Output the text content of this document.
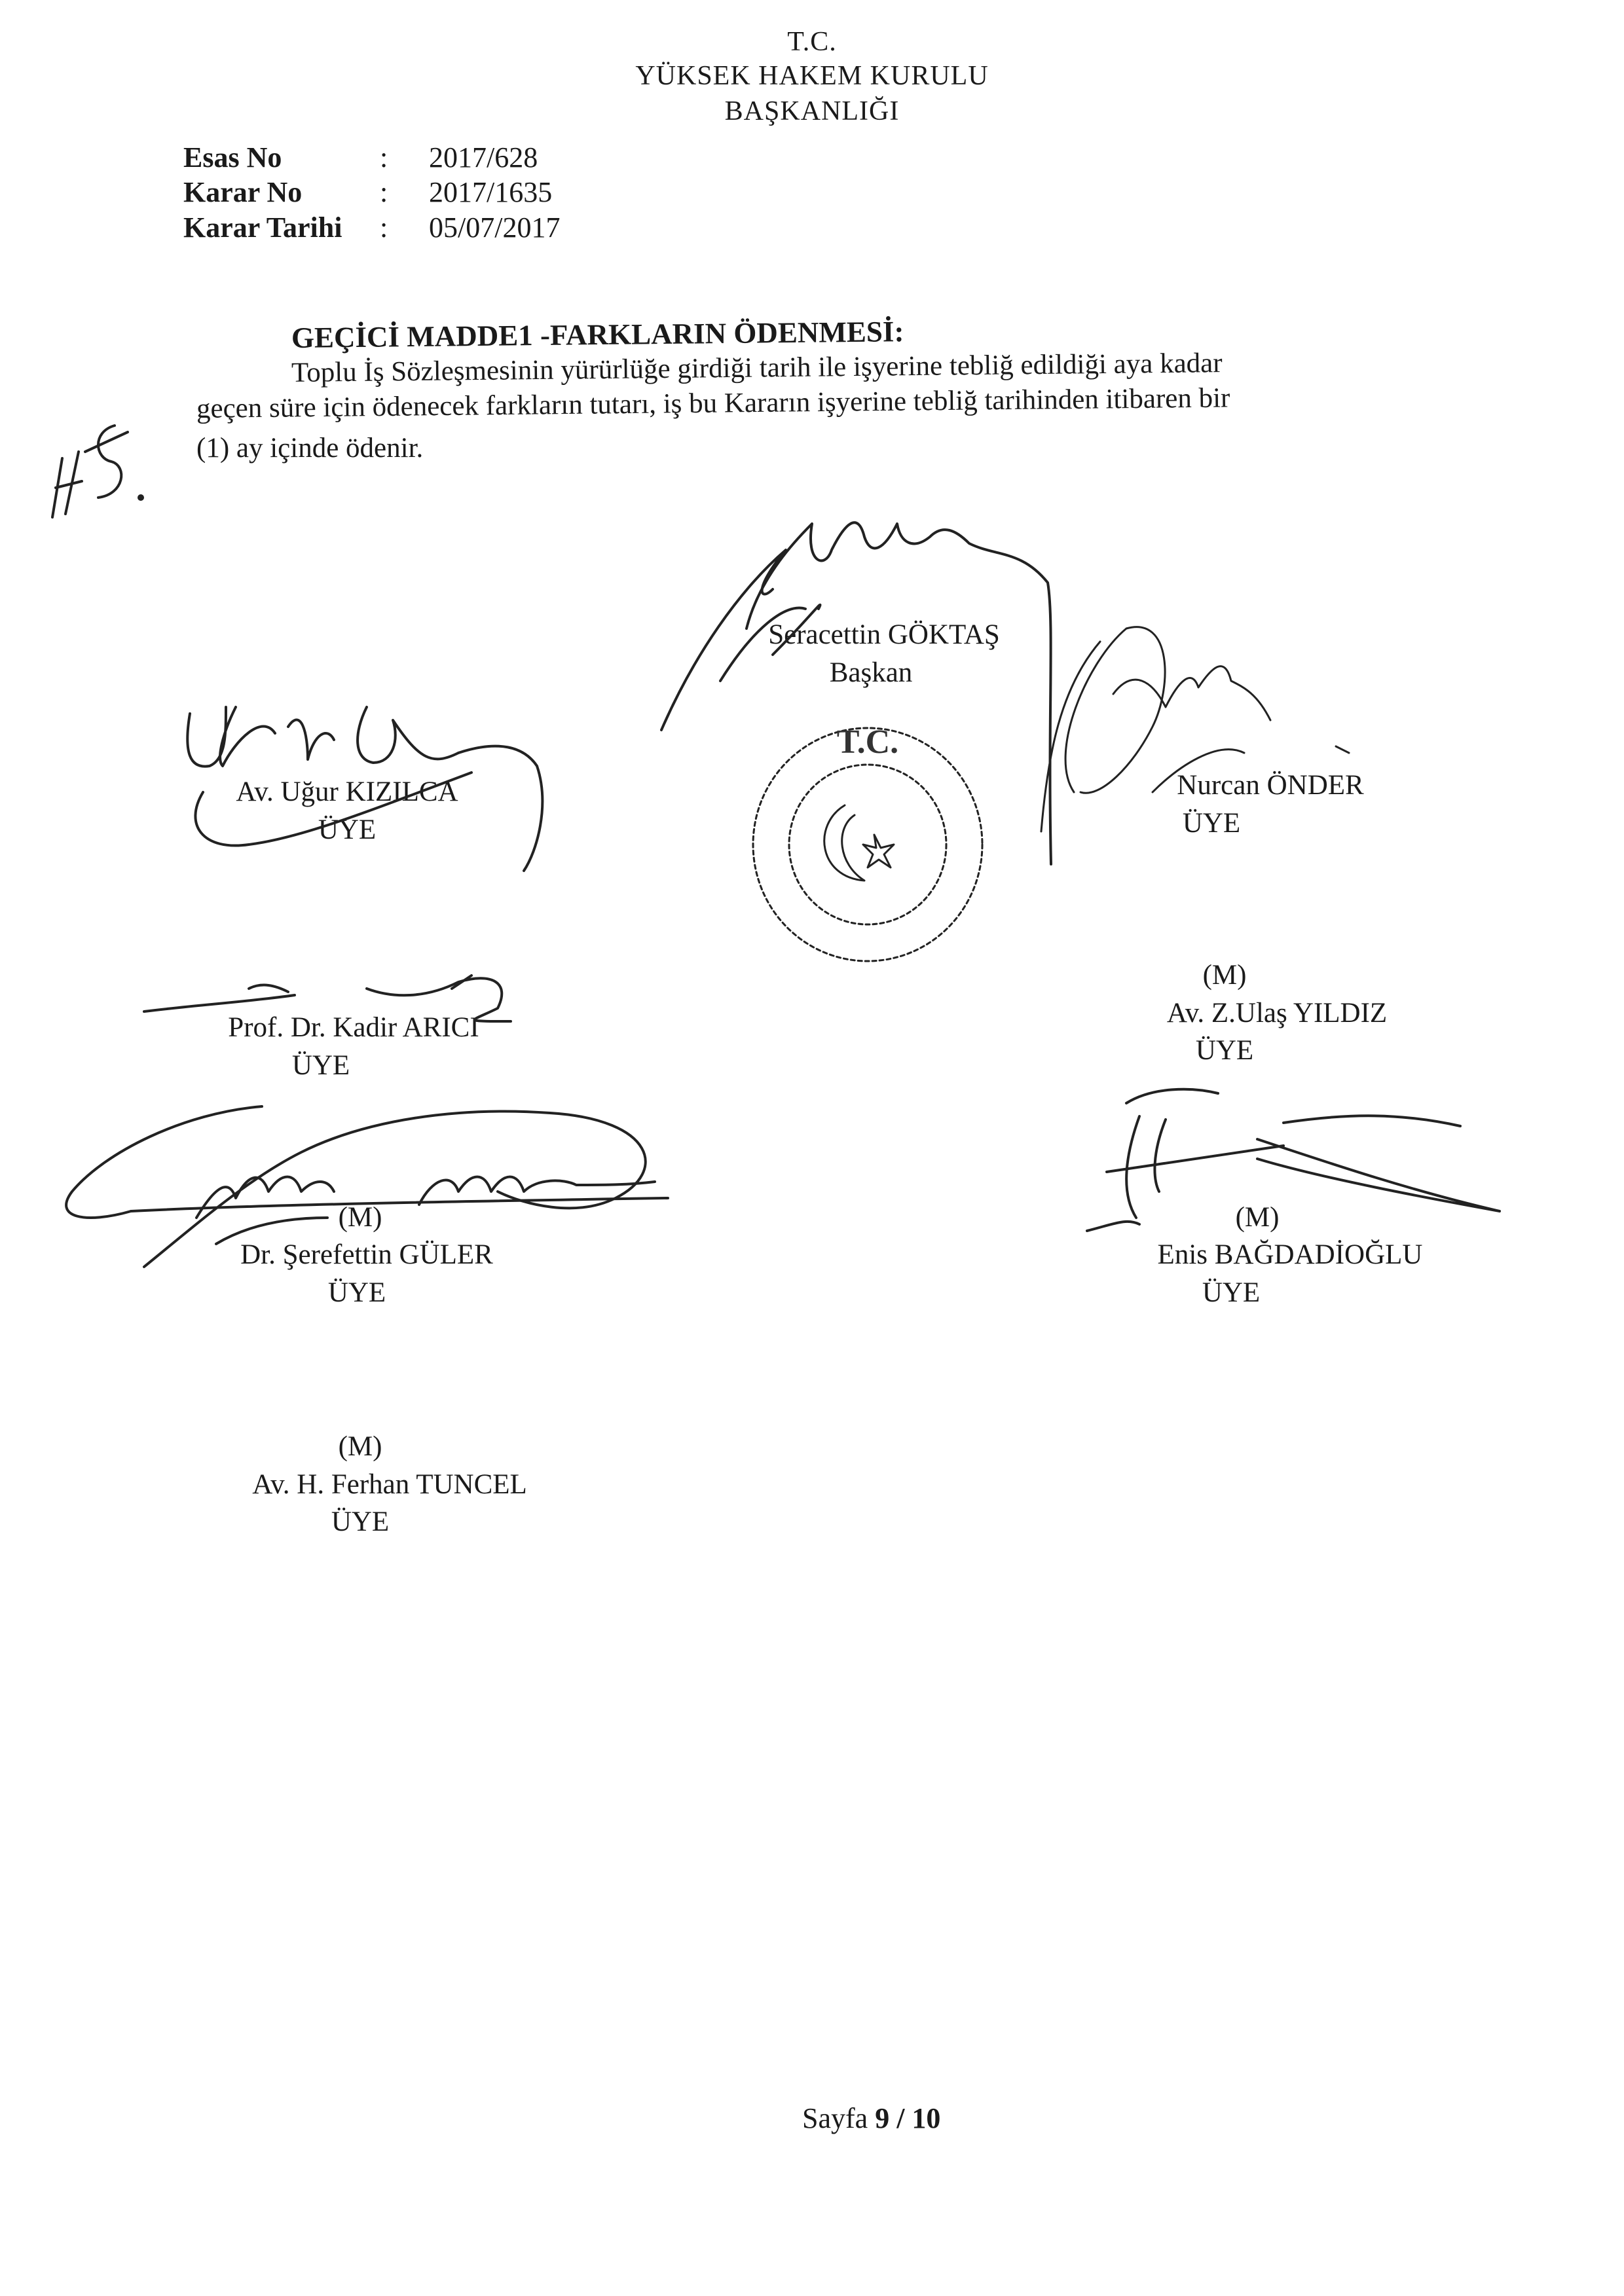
T.C.
YÜKSEK HAKEM KURULU
BAŞKANLIĞI
Esas No	: 2017/628
Karar No	: 2017/1635
Karar Tarihi : 05/07/2017
GEÇİCİ MADDE1 -FARKLARIN ÖDENMESİ:
Toplu İş Sözleşmesinin yürürlüğe girdiği tarih ile işyerine tebliğ edildiği aya kadar
geçen süre için ödenecek farkların tutarı, iş bu Kararın işyerine tebliğ tarihinden itibaren bir
(1) ay içinde ödenir.
Seracettin GÖKTAŞ
Başkan
Av. Uğur KIZILCA
ÜYE
Nurcan ÖNDER
ÜYE
Prof. Dr. Kadir ARICI
ÜYE
(M)
Av. Z.Ulaş YILDIZ
ÜYE
(M)
Dr. Şerefettin GÜLER
ÜYE
(M)
Enis BAĞDADİOĞLU
ÜYE
(M)
Av. H. Ferhan TUNCEL
ÜYE
Sayfa 9 / 10
T.C.
